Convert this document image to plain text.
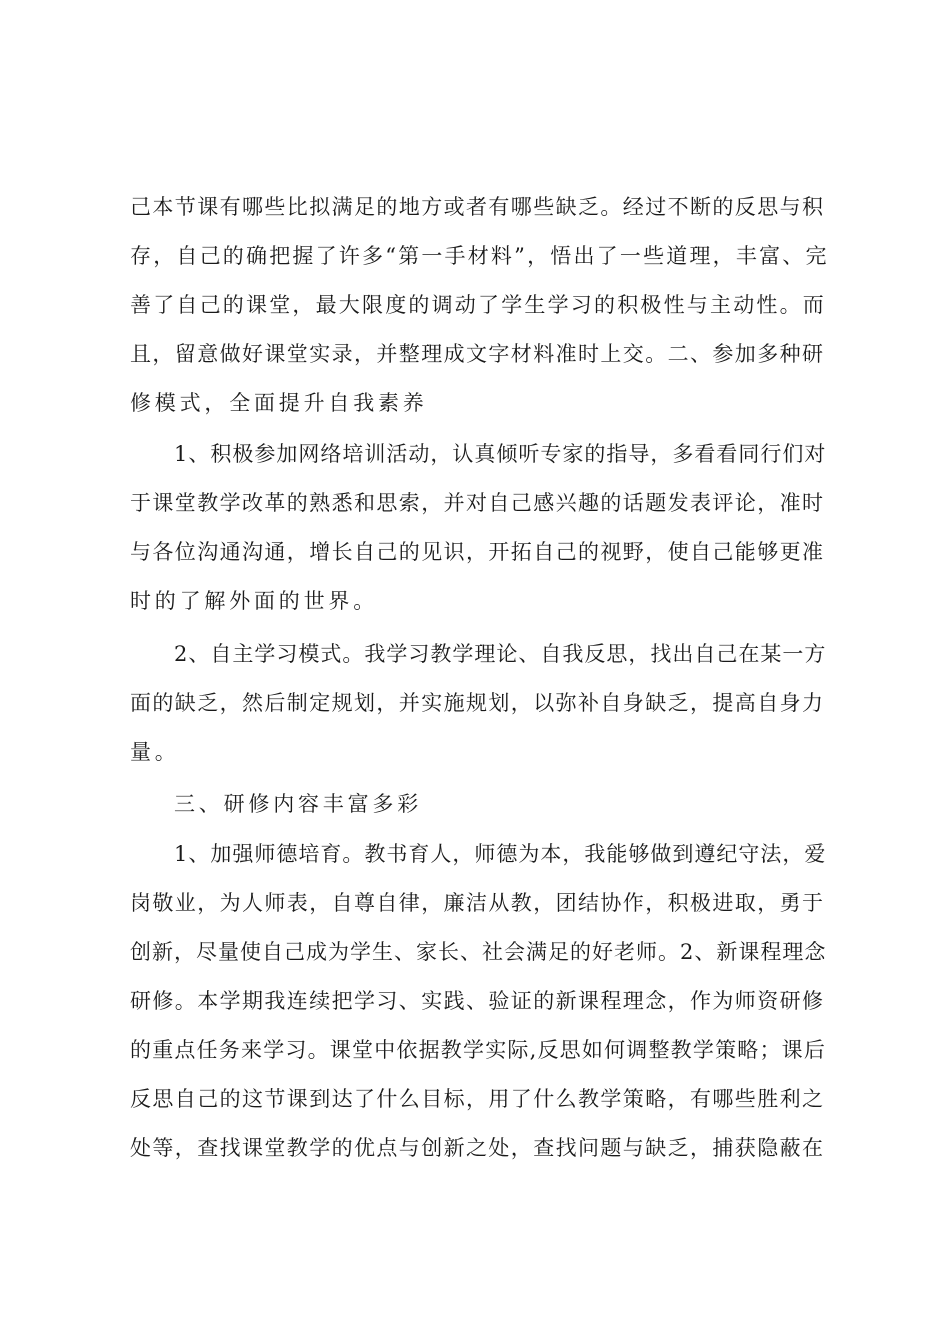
己本节课有哪些比拟满足的地方或者有哪些缺乏。经过不断的反思与积
存，自己的确把握了许多“第一手材料”，悟出了一些道理，丰富、完
善了自己的课堂，最大限度的调动了学生学习的积极性与主动性。而
且，留意做好课堂实录，并整理成文字材料准时上交。二、参加多种研
修模式，全面提升自我素养
1、积极参加网络培训活动，认真倾听专家的指导，多看看同行们对
于课堂教学改革的熟悉和思索，并对自己感兴趣的话题发表评论，准时
与各位沟通沟通，增长自己的见识，开拓自己的视野，使自己能够更准
时的了解外面的世界。
2、自主学习模式。我学习教学理论、自我反思，找出自己在某一方
面的缺乏，然后制定规划，并实施规划，以弥补自身缺乏，提高自身力
量。
三、研修内容丰富多彩
1、加强师德培育。教书育人，师德为本，我能够做到遵纪守法，爱
岗敬业，为人师表，自尊自律，廉洁从教，团结协作，积极进取，勇于
创新，尽量使自己成为学生、家长、社会满足的好老师。2、新课程理念
研修。本学期我连续把学习、实践、验证的新课程理念，作为师资研修
的重点任务来学习。课堂中依据教学实际,反思如何调整教学策略；课后
反思自己的这节课到达了什么目标，用了什么教学策略，有哪些胜利之
处等，查找课堂教学的优点与创新之处，查找问题与缺乏，捕获隐蔽在
